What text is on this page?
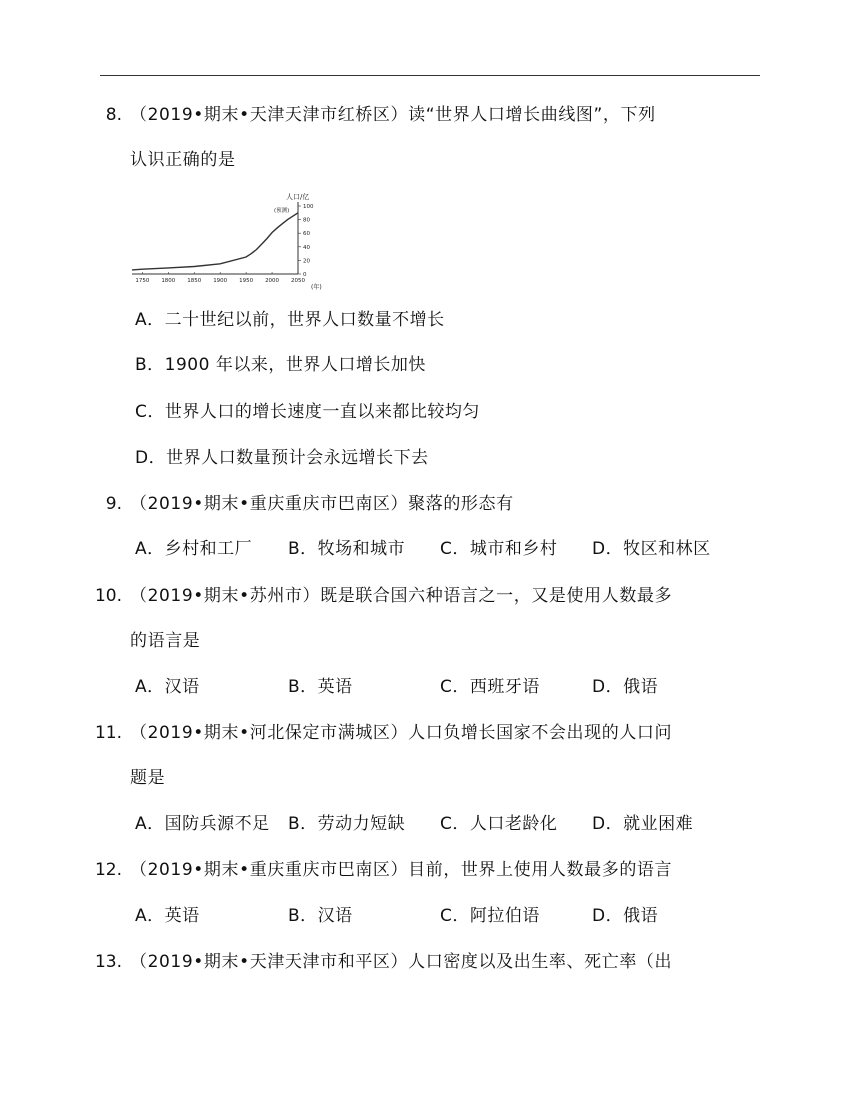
8. （2019•期末•天津天津市红桥区）读“世界人口增长曲线图”，下列
认识正确的是
1750 1800 1850 1900 1950 2000 2050
0
20
40
60
80
100
人口/亿
(预测)
(年)
A．二十世纪以前，世界人口数量不增长
B．1900 年以来，世界人口增长加快
C．世界人口的增长速度一直以来都比较均匀
D．世界人口数量预计会永远增长下去
9. （2019•期末•重庆重庆市巴南区）聚落的形态有
A．乡村和工厂 B．牧场和城市 C．城市和乡村 D．牧区和林区
10. （2019•期末•苏州市）既是联合国六种语言之一，又是使用人数最多
的语言是
A．汉语	B．英语	C．西班牙语	D．俄语
11. （2019•期末•河北保定市满城区）人口负增长国家不会出现的人口问
题是
A．国防兵源不足 B．劳动力短缺 C．人口老龄化 D．就业困难
12. （2019•期末•重庆重庆市巴南区）目前，世界上使用人数最多的语言
A．英语	B．汉语	C．阿拉伯语	D．俄语
13. （2019•期末•天津天津市和平区）人口密度以及出生率、死亡率（出
